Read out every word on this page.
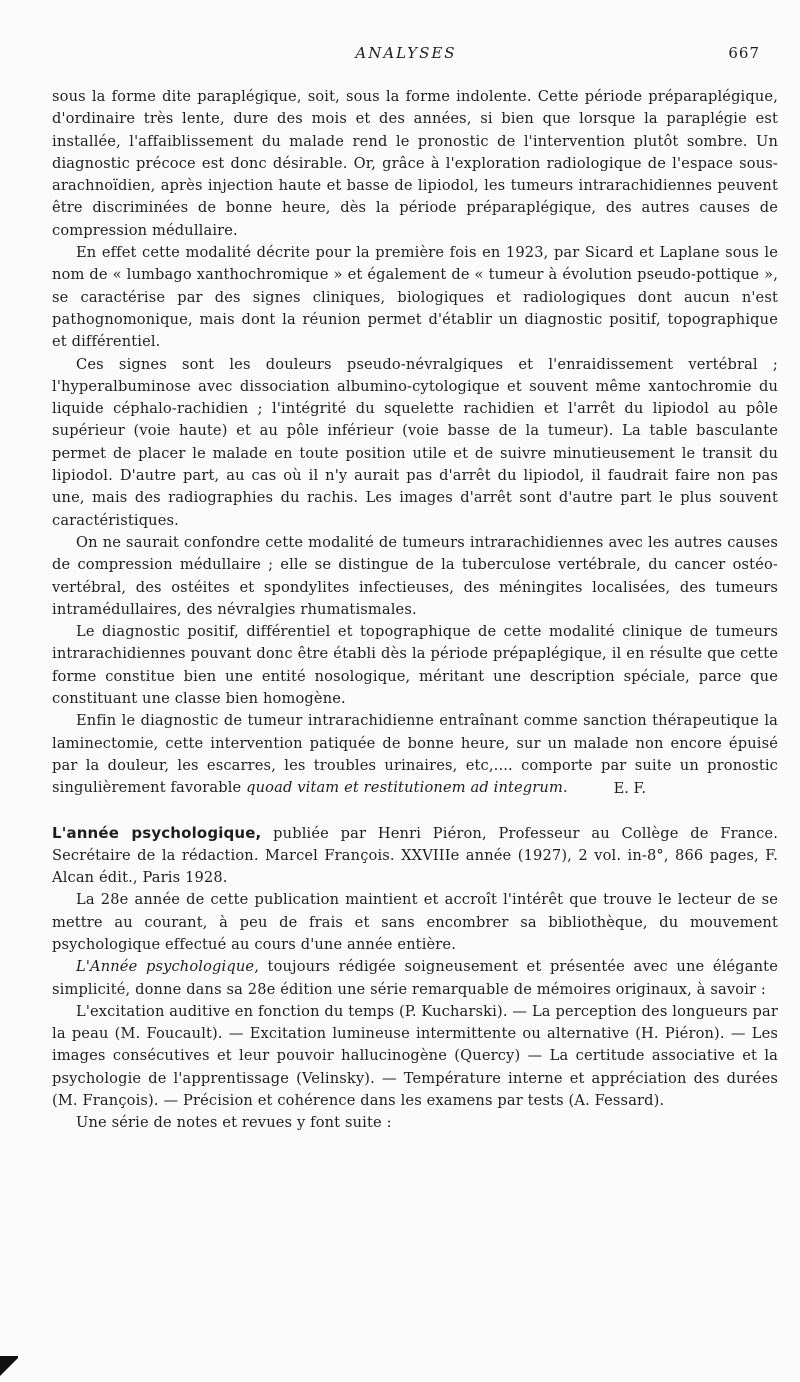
ANALYSES	667

sous la forme dite paraplégique, soit, sous la forme indolente. Cette période préparaplégique, d'ordinaire très lente, dure des mois et des années, si bien que lorsque la paraplégie est installée, l'affaiblissement du malade rend le pronostic de l'intervention plutôt sombre. Un diagnostic précoce est donc désirable. Or, grâce à l'exploration radiologique de l'espace sous-arachnoïdien, après injection haute et basse de lipiodol, les tumeurs intrarachidiennes peuvent être discriminées de bonne heure, dès la période préparaplégique, des autres causes de compression médullaire.

En effet cette modalité décrite pour la première fois en 1923, par Sicard et Laplane sous le nom de « lumbago xanthochromique » et également de « tumeur à évolution pseudo-pottique », se caractérise par des signes cliniques, biologiques et radiologiques dont aucun n'est pathognomonique, mais dont la réunion permet d'établir un diagnostic positif, topographique et différentiel.

Ces signes sont les douleurs pseudo-névralgiques et l'enraidissement vertébral ; l'hyperalbuminose avec dissociation albumino-cytologique et souvent même xantochromie du liquide céphalo-rachidien ; l'intégrité du squelette rachidien et l'arrêt du lipiodol au pôle supérieur (voie haute) et au pôle inférieur (voie basse de la tumeur). La table basculante permet de placer le malade en toute position utile et de suivre minutieusement le transit du lipiodol. D'autre part, au cas où il n'y aurait pas d'arrêt du lipiodol, il faudrait faire non pas une, mais des radiographies du rachis. Les images d'arrêt sont d'autre part le plus souvent caractéristiques.

On ne saurait confondre cette modalité de tumeurs intrarachidiennes avec les autres causes de compression médullaire ; elle se distingue de la tuberculose vertébrale, du cancer ostéo-vertébral, des ostéites et spondylites infectieuses, des méningites localisées, des tumeurs intramédullaires, des névralgies rhumatismales.

Le diagnostic positif, différentiel et topographique de cette modalité clinique de tumeurs intrarachidiennes pouvant donc être établi dès la période prépaplégique, il en résulte que cette forme constitue bien une entité nosologique, méritant une description spéciale, parce que constituant une classe bien homogène.

Enfin le diagnostic de tumeur intrarachidienne entraînant comme sanction thérapeutique la laminectomie, cette intervention patiquée de bonne heure, sur un malade non encore épuisé par la douleur, les escarres, les troubles urinaires, etc,.... comporte par suite un pronostic singulièrement favorable quoad vitam et restitutionem ad integrum.	E. F.

L'année psychologique, publiée par Henri Piéron, Professeur au Collège de France. Secrétaire de la rédaction. Marcel François. XXVIIIe année (1927), 2 vol. in-8°, 866 pages, F. Alcan édit., Paris 1928.

La 28e année de cette publication maintient et accroît l'intérêt que trouve le lecteur de se mettre au courant, à peu de frais et sans encombrer sa bibliothèque, du mouvement psychologique effectué au cours d'une année entière.

L'Année psychologique, toujours rédigée soigneusement et présentée avec une élégante simplicité, donne dans sa 28e édition une série remarquable de mémoires originaux, à savoir :

L'excitation auditive en fonction du temps (P. Kucharski). — La perception des longueurs par la peau (M. Foucault). — Excitation lumineuse intermittente ou alternative (H. Piéron). — Les images consécutives et leur pouvoir hallucinogène (Quercy) — La certitude associative et la psychologie de l'apprentissage (Velinsky). — Température interne et appréciation des durées (M. François). — Précision et cohérence dans les examens par tests (A. Fessard).

Une série de notes et revues y font suite :
